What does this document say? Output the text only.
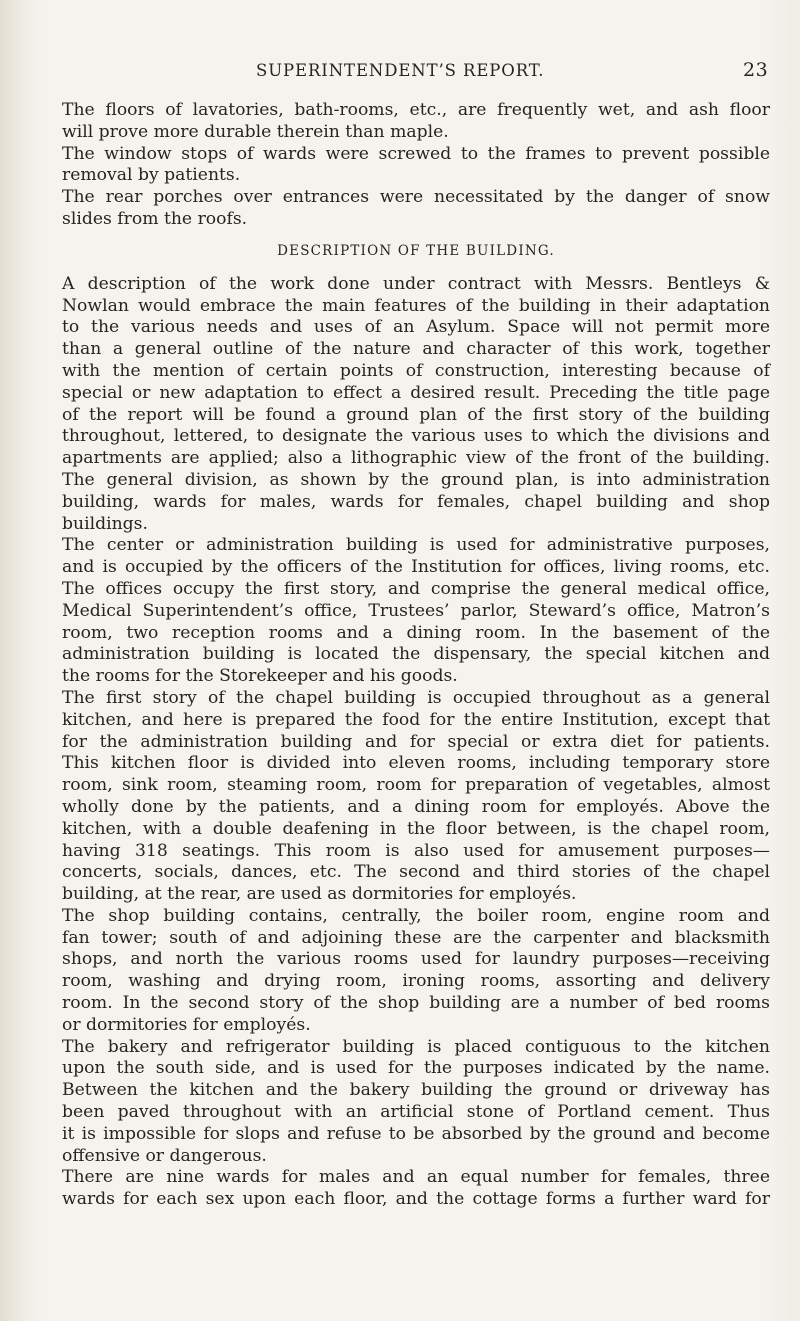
SUPERINTENDENT’S REPORT.	23
The floors of lavatories, bath-rooms, etc., are frequently wet, and ash floor
will prove more durable therein than maple.
The window stops of wards were screwed to the frames to prevent possible
removal by patients.
The rear porches over entrances were necessitated by the danger of snow
slides from the roofs.
DESCRIPTION OF THE BUILDING.
A description of the work done under contract with Messrs. Bentleys &
Nowlan would embrace the main features of the building in their adaptation
to the various needs and uses of an Asylum. Space will not permit more
than a general outline of the nature and character of this work, together
with the mention of certain points of construction, interesting because of
special or new adaptation to effect a desired result. Preceding the title page
of the report will be found a ground plan of the first story of the building
throughout, lettered, to designate the various uses to which the divisions and
apartments are applied; also a lithographic view of the front of the building.
The general division, as shown by the ground plan, is into administration
building, wards for males, wards for females, chapel building and shop
buildings.
The center or administration building is used for administrative purposes,
and is occupied by the officers of the Institution for offices, living rooms, etc.
The offices occupy the first story, and comprise the general medical office,
Medical Superintendent’s office, Trustees’ parlor, Steward’s office, Matron’s
room, two reception rooms and a dining room. In the basement of the
administration building is located the dispensary, the special kitchen and
the rooms for the Storekeeper and his goods.
The first story of the chapel building is occupied throughout as a general
kitchen, and here is prepared the food for the entire Institution, except that
for the administration building and for special or extra diet for patients.
This kitchen floor is divided into eleven rooms, including temporary store
room, sink room, steaming room, room for preparation of vegetables, almost
wholly done by the patients, and a dining room for employés. Above the
kitchen, with a double deafening in the floor between, is the chapel room,
having 318 seatings. This room is also used for amusement purposes—
concerts, socials, dances, etc. The second and third stories of the chapel
building, at the rear, are used as dormitories for employés.
The shop building contains, centrally, the boiler room, engine room and
fan tower; south of and adjoining these are the carpenter and blacksmith
shops, and north the various rooms used for laundry purposes—receiving
room, washing and drying room, ironing rooms, assorting and delivery
room. In the second story of the shop building are a number of bed rooms
or dormitories for employés.
The bakery and refrigerator building is placed contiguous to the kitchen
upon the south side, and is used for the purposes indicated by the name.
Between the kitchen and the bakery building the ground or driveway has
been paved throughout with an artificial stone of Portland cement. Thus
it is impossible for slops and refuse to be absorbed by the ground and become
offensive or dangerous.
There are nine wards for males and an equal number for females, three
wards for each sex upon each floor, and the cottage forms a further ward for
